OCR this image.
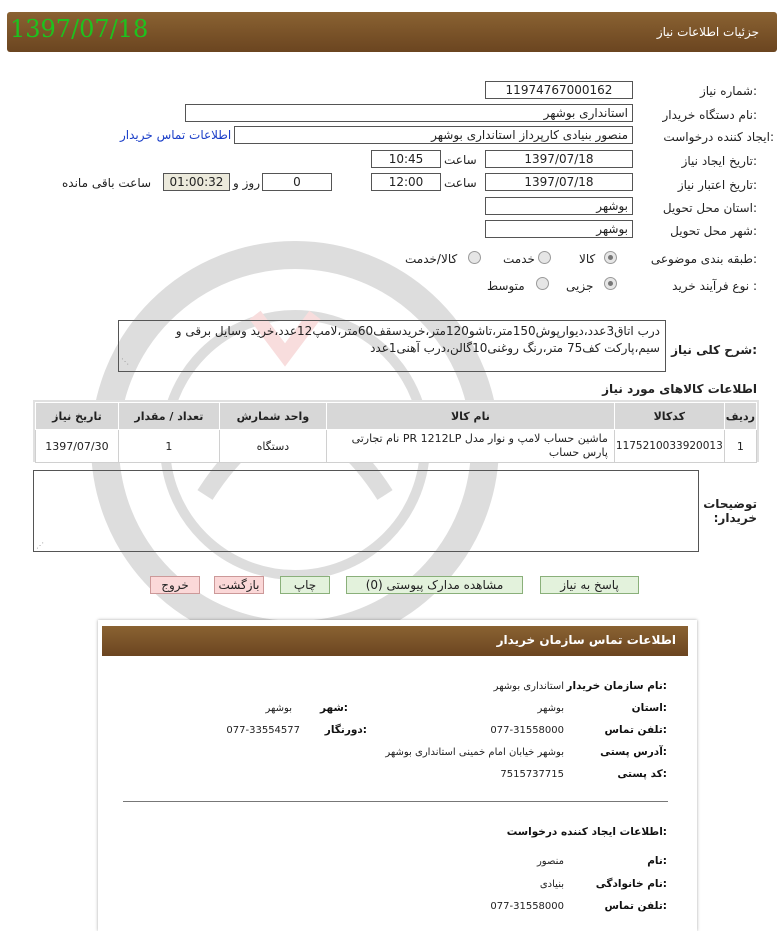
جزئیات اطلاعات نیاز
1397/07/18
شماره نیاز:
11974767000162
نام دستگاه خریدار:
استانداری بوشهر
ایجاد کننده درخواست:
منصور بنیادی کارپرداز استانداری بوشهر
اطلاعات تماس خریدار
تاریخ ایجاد نیاز:
1397/07/18
ساعت
10:45
تاریخ اعتبار نیاز:
1397/07/18
ساعت
12:00
0
روز و
01:00:32
ساعت باقی مانده
استان محل تحویل:
بوشهر
شهر محل تحویل:
بوشهر
طبقه بندی موضوعی:
کالا
خدمت
کالا/خدمت
نوع فرآیند خرید :
جزیی
متوسط
شرح کلی نیاز:
درب اتاق3عدد،دیوارپوش150متر،تاشو120متر،خریدسقف60متر،لامپ12عدد،خرید وسایل برقی و
سیم،پارکت کف75 متر،رنگ روغنی10گالن،درب آهنی1عدد
⋰
اطلاعات کالاهای مورد نیاز
ردیف	کدکالا	نام کالا	واحد شمارش	تعداد / مقدار	تاریخ نیاز
1	1175210033920013	ماشین حساب لامپ و نوار مدل PR 1212LP نام تجارتی پارس حساب	دستگاه	1	1397/07/30
توضیحات خریدار:
⋰
پاسخ به نیاز
مشاهده مدارک پیوستی (0)
چاپ
بازگشت
خروج
اطلاعات تماس سازمان خریدار
نام سازمان خریدار:
استانداری بوشهر
استان:
بوشهر
شهر:
بوشهر
تلفن تماس:
077-31558000
دورنگار:
077-33554577
آدرس پستی:
بوشهر خیابان امام خمینی استانداری بوشهر
کد پستی:
7515737715
اطلاعات ایجاد کننده درخواست:
نام:
منصور
نام خانوادگی:
بنیادی
تلفن تماس:
077-31558000
